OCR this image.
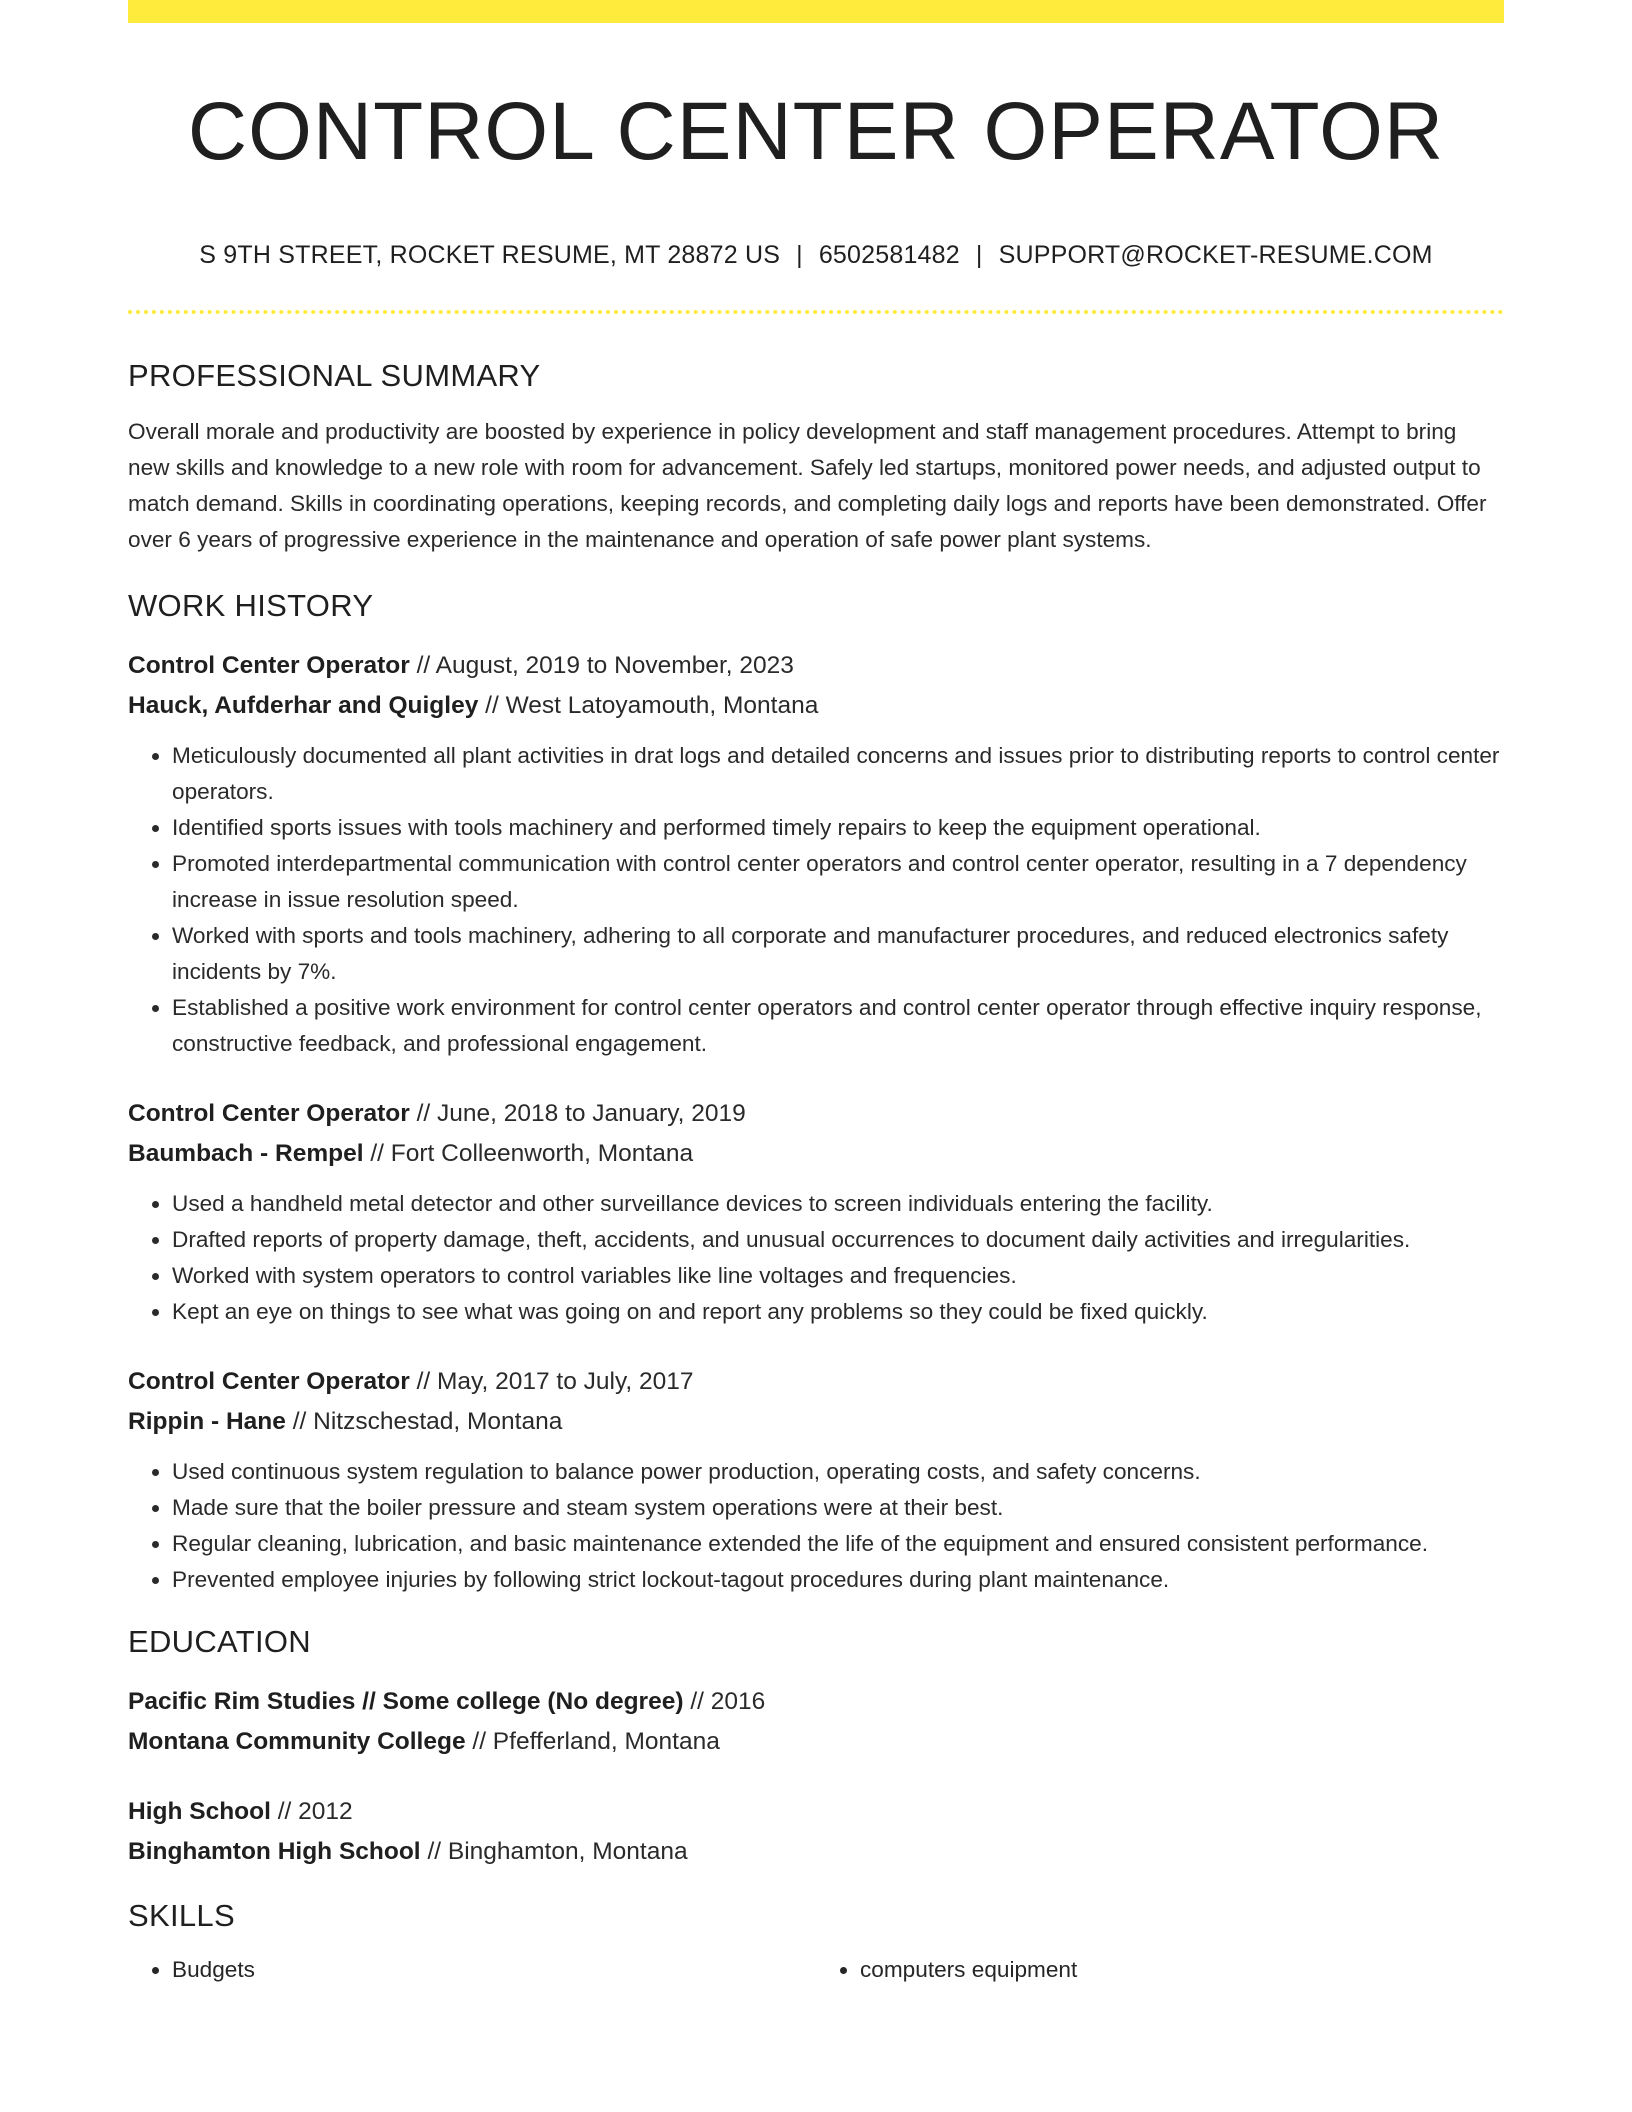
CONTROL CENTER OPERATOR
S 9TH STREET, ROCKET RESUME, MT 28872 US | 6502581482 | SUPPORT@ROCKET-RESUME.COM
PROFESSIONAL SUMMARY
Overall morale and productivity are boosted by experience in policy development and staff management procedures. Attempt to bring new skills and knowledge to a new role with room for advancement. Safely led startups, monitored power needs, and adjusted output to match demand. Skills in coordinating operations, keeping records, and completing daily logs and reports have been demonstrated. Offer over 6 years of progressive experience in the maintenance and operation of safe power plant systems.
WORK HISTORY
Control Center Operator // August, 2019 to November, 2023
Hauck, Aufderhar and Quigley // West Latoyamouth, Montana
• Meticulously documented all plant activities in drat logs and detailed concerns and issues prior to distributing reports to control center operators.
• Identified sports issues with tools machinery and performed timely repairs to keep the equipment operational.
• Promoted interdepartmental communication with control center operators and control center operator, resulting in a 7 dependency increase in issue resolution speed.
• Worked with sports and tools machinery, adhering to all corporate and manufacturer procedures, and reduced electronics safety incidents by 7%.
• Established a positive work environment for control center operators and control center operator through effective inquiry response, constructive feedback, and professional engagement.
Control Center Operator // June, 2018 to January, 2019
Baumbach - Rempel // Fort Colleenworth, Montana
• Used a handheld metal detector and other surveillance devices to screen individuals entering the facility.
• Drafted reports of property damage, theft, accidents, and unusual occurrences to document daily activities and irregularities.
• Worked with system operators to control variables like line voltages and frequencies.
• Kept an eye on things to see what was going on and report any problems so they could be fixed quickly.
Control Center Operator // May, 2017 to July, 2017
Rippin - Hane // Nitzschestad, Montana
• Used continuous system regulation to balance power production, operating costs, and safety concerns.
• Made sure that the boiler pressure and steam system operations were at their best.
• Regular cleaning, lubrication, and basic maintenance extended the life of the equipment and ensured consistent performance.
• Prevented employee injuries by following strict lockout-tagout procedures during plant maintenance.
EDUCATION
Pacific Rim Studies // Some college (No degree) // 2016
Montana Community College // Pfefferland, Montana
High School // 2012
Binghamton High School // Binghamton, Montana
SKILLS
• Budgets
•	computers equipment
